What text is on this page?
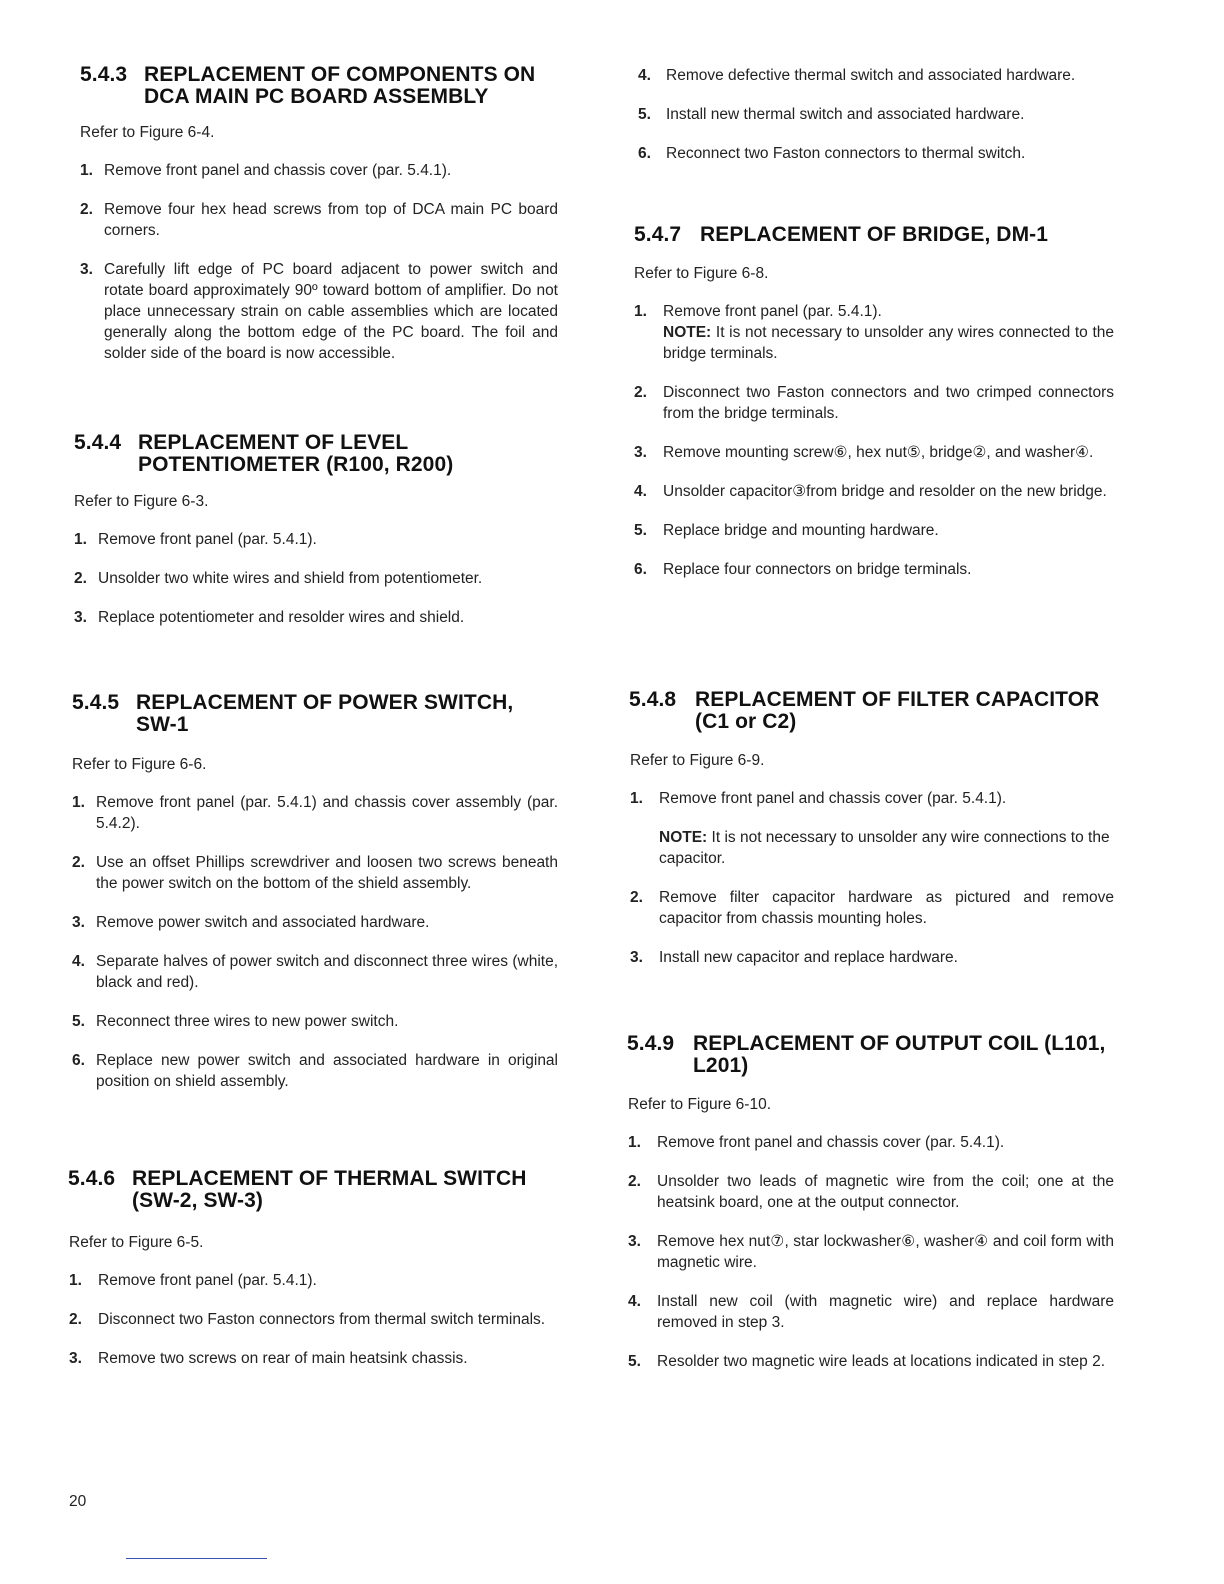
5.4.3 REPLACEMENT OF COMPONENTS ON DCA MAIN PC BOARD ASSEMBLY
Refer to Figure 6-4.
1. Remove front panel and chassis cover (par. 5.4.1).
2. Remove four hex head screws from top of DCA main PC board corners.
3. Carefully lift edge of PC board adjacent to power switch and rotate board approximately 90º toward bottom of amplifier. Do not place unnecessary strain on cable assemblies which are located generally along the bottom edge of the PC board. The foil and solder side of the board is now accessible.
5.4.4 REPLACEMENT OF LEVEL POTENTIOMETER (R100, R200)
Refer to Figure 6-3.
1. Remove front panel (par. 5.4.1).
2. Unsolder two white wires and shield from potentiometer.
3. Replace potentiometer and resolder wires and shield.
5.4.5 REPLACEMENT OF POWER SWITCH, SW-1
Refer to Figure 6-6.
1. Remove front panel (par. 5.4.1) and chassis cover assembly (par. 5.4.2).
2. Use an offset Phillips screwdriver and loosen two screws beneath the power switch on the bottom of the shield assembly.
3. Remove power switch and associated hardware.
4. Separate halves of power switch and disconnect three wires (white, black and red).
5. Reconnect three wires to new power switch.
6. Replace new power switch and associated hardware in original position on shield assembly.
5.4.6 REPLACEMENT OF THERMAL SWITCH (SW-2, SW-3)
Refer to Figure 6-5.
1.	Remove front panel (par. 5.4.1).
2.	Disconnect two Faston connectors from thermal switch terminals.
3.	Remove two screws on rear of main heatsink chassis.
4. Remove defective thermal switch and associated hardware.
5. Install new thermal switch and associated hardware.
6. Reconnect two Faston connectors to thermal switch.
5.4.7 REPLACEMENT OF BRIDGE, DM-1
Refer to Figure 6-8.
1.	Remove front panel (par. 5.4.1).
NOTE: It is not necessary to unsolder any wires connected to the bridge terminals.
2.	Disconnect two Faston connectors and two crimped connectors from the bridge terminals.
3.	Remove mounting screw⑥, hex nut⑤, bridge②, and washer④.
4.	Unsolder capacitor③from bridge and resolder on the new bridge.
5.	Replace bridge and mounting hardware.
6.	Replace four connectors on bridge terminals.
5.4.8 REPLACEMENT OF FILTER CAPACITOR (C1 or C2)
Refer to Figure 6-9.
1.	Remove front panel and chassis cover (par. 5.4.1).
NOTE: It is not necessary to unsolder any wire connections to the capacitor.
2.	Remove filter capacitor hardware as pictured and remove capacitor from chassis mounting holes.
3.	Install new capacitor and replace hardware.
5.4.9 REPLACEMENT OF OUTPUT COIL (L101, L201)
Refer to Figure 6-10.
1.	Remove front panel and chassis cover (par. 5.4.1).
2.	Unsolder two leads of magnetic wire from the coil; one at the heatsink board, one at the output connector.
3.	Remove hex nut⑦, star lockwasher⑥, washer④ and coil form with magnetic wire.
4.	Install new coil (with magnetic wire) and replace hardware removed in step 3.
5.	Resolder two magnetic wire leads at locations indicated in step 2.
20
